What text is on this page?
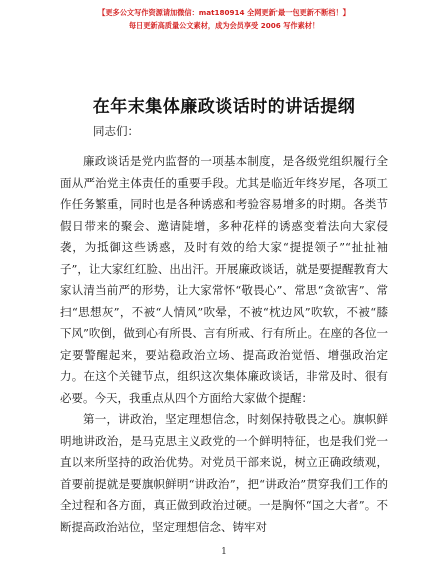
【更多公文写作资源请加微信：mat180914 全网更新'最一包更新不断档！】
每日更新高质量公文素材，成为会员享受 2006 写作素材！
在年末集体廉政谈话时的讲话提纲
同志们：

廉政谈话是党内监督的一项基本制度，是各级党组织履行全面从严治党主体责任的重要手段。尤其是临近年终岁尾，各项工作任务繁重，同时也是各种诱惑和考验容易增多的时期。各类节假日带来的聚会、邀请陡增，多种花样的诱惑变着法向大家侵袭，为抵御这些诱惑，及时有效的给大家“提提领子”“扯扯袖子”，让大家红红脸、出出汗。开展廉政谈话，就是要提醒教育大家认清当前严的形势，让大家常怀“敬畏心”、常思“贪欲害”、常扫“思想灰”，不被“人情风”吹晕，不被“枕边风”吹软，不被“膝下风”吹倒，做到心有所畏、言有所戒、行有所止。在座的各位一定要警醒起来，要站稳政治立场、提高政治觉悟、增强政治定力。在这个关键节点，组织这次集体廉政谈话，非常及时、很有必要。今天，我重点从四个方面给大家做个提醒：

第一，讲政治，坚定理想信念，时刻保持敬畏之心。旗帜鲜明地讲政治，是马克思主义政党的一个鲜明特征，也是我们党一直以来所坚持的政治优势。对党员干部来说，树立正确政绩观，首要前提就是要旗帜鲜明“讲政治”，把“讲政治”贯穿我们工作的全过程和各方面，真正做到政治过硬。一是胸怀“国之大者”。不断提高政治站位，坚定理想信念、铸牢对

1
